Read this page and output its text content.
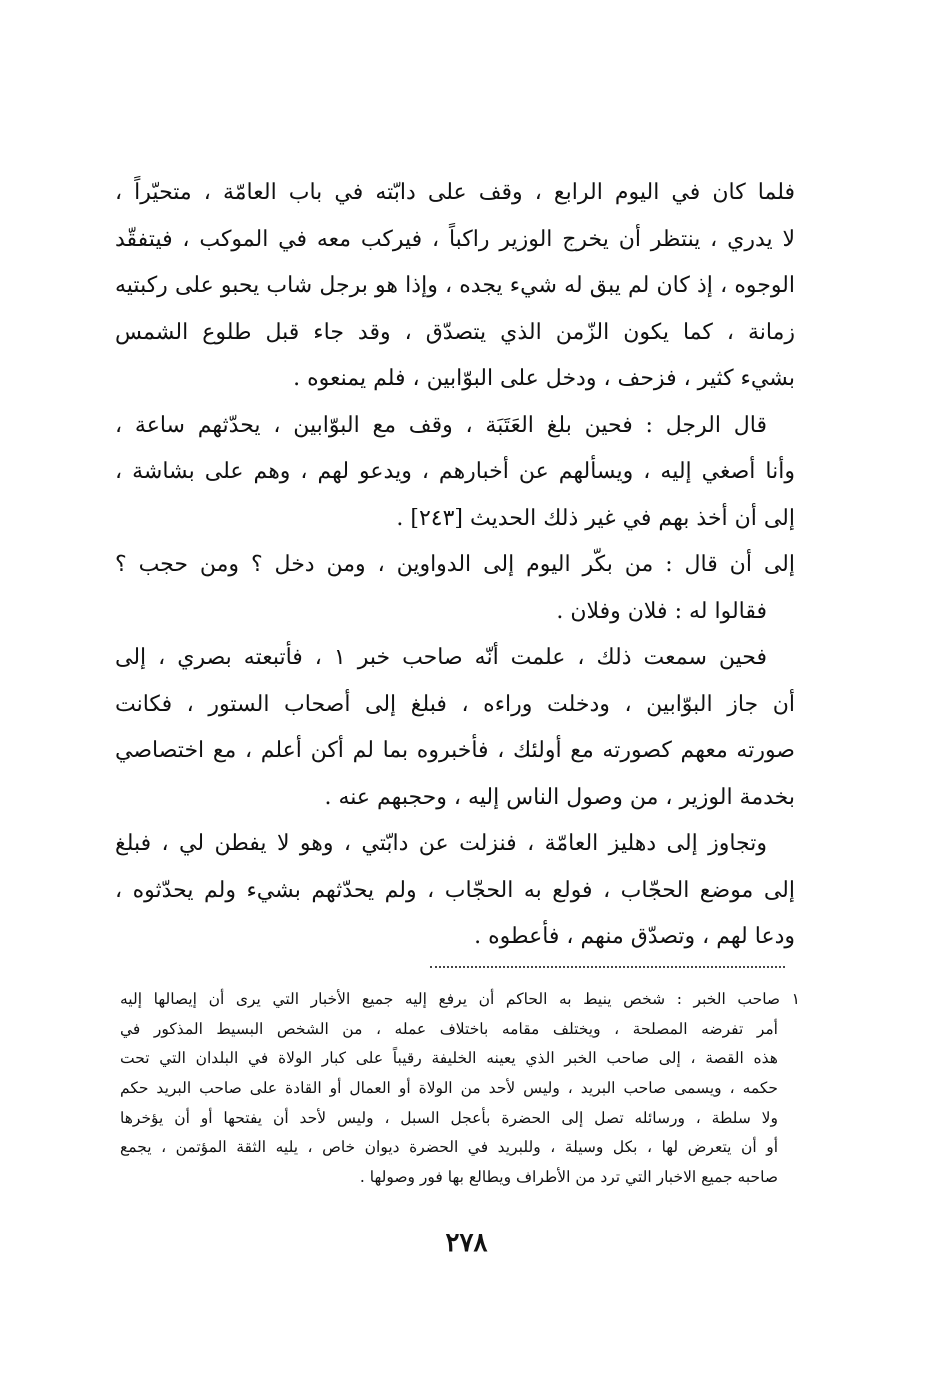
فلما كان في اليوم الرابع ، وقف على دابّته في باب العامّة ، متحيّراً ،
لا يدري ، ينتظر أن يخرج الوزير راكباً ، فيركب معه في الموكب ، فيتفقّد
الوجوه ، إذ كان لم يبق له شيء يجده ، وإذا هو برجل شاب يحبو على ركبتيه
زمانة ، كما يكون الزّمن الذي يتصدّق ، وقد جاء قبل طلوع الشمس
بشيء كثير ، فزحف ، ودخل على البوّابين ، فلم يمنعوه .
قال الرجل : فحين بلغ العَتَبَة ، وقف مع البوّابين ، يحدّثهم ساعة ،
وأنا أصغي إليه ، ويسألهم عن أخبارهم ، ويدعو لهم ، وهم على بشاشة ،
إلى أن أخذ بهم في غير ذلك الحديث [٢٤٣] .
إلى أن قال : من بكّر اليوم إلى الدواوين ، ومن دخل ؟ ومن حجب ؟
فقالوا له : فلان وفلان .
فحين سمعت ذلك ، علمت أنّه صاحب خبر ١ ، فأتبعته بصري ، إلى
أن جاز البوّابين ، ودخلت وراءه ، فبلغ إلى أصحاب الستور ، فكانت
صورته معهم كصورته مع أولئك ، فأخبروه بما لم أكن أعلم ، مع اختصاصي
بخدمة الوزير ، من وصول الناس إليه ، وحجبهم عنه .
وتجاوز إلى دهليز العامّة ، فنزلت عن دابّتي ، وهو لا يفطن لي ، فبلغ
إلى موضع الحجّاب ، فولع به الحجّاب ، ولم يحدّثهم بشيء ولم يحدّثوه ،
ودعا لهم ، وتصدّق منهم ، فأعطوه .
١ صاحب الخبر : شخص ينيط به الحاكم أن يرفع إليه جميع الأخبار التي يرى أن إيصالها إليه
أمر تفرضه المصلحة ، ويختلف مقامه باختلاف عمله ، من الشخص البسيط المذكور في
هذه القصة ، إلى صاحب الخبر الذي يعينه الخليفة رقيباً على كبار الولاة في البلدان التي تحت
حكمه ، ويسمى صاحب البريد ، وليس لأحد من الولاة أو العمال أو القادة على صاحب البريد حكم
ولا سلطة ، ورسائله تصل إلى الحضرة بأعجل السبل ، وليس لأحد أن يفتحها أو أن يؤخرها
أو أن يتعرض لها ، بكل وسيلة ، وللبريد في الحضرة ديوان خاص ، يليه الثقة المؤتمن ، يجمع
صاحبه جميع الاخبار التي ترد من الأطراف ويطالع بها فور وصولها .
٢٧٨
